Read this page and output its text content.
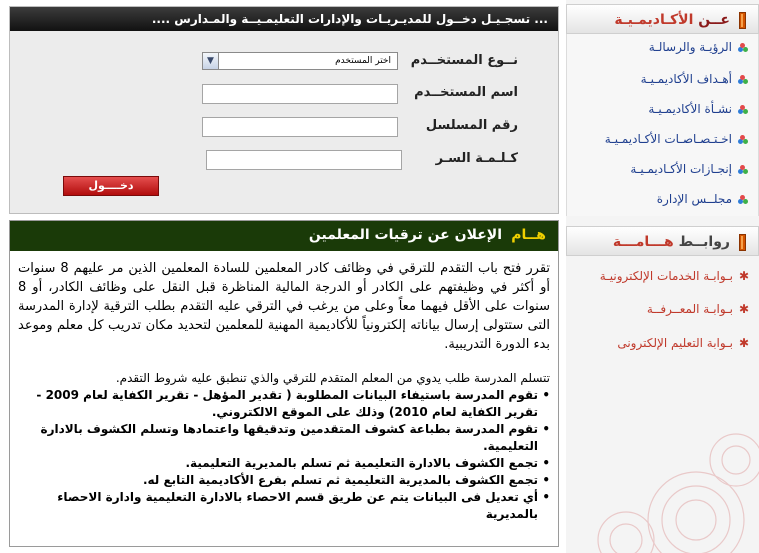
عــن الأكـاديمـيـة
الرؤيـة والرسالـة
أهـداف الأكاديمـيـة
نشـأة الأكاديمـيـة
اخـتـصـاصـات الأكـاديمـيـة
إنجـازات الأكـاديمـيـة
مجلــس الإدارة
روابــط هـــامـــة
✱بـوابـة الخدمات الإلكترونيـة
✱بـوابـة المعــرفــة
✱بـوابة التعليم الإلكترونى
... تسجـيـل دخــول للمديـريـات والإدارات التعليمـيــة والمـدارس ....
نــوع المستخــدم
اختر المستخدم
▼
اسم المستخــدم
رقم المسلسل
كـلـمـة السـر
دخــــول
هــام
الإعلان عن ترقيات المعلمين
تقرر فتح باب التقدم للترقي في وظائف كادر المعلمين للسادة المعلمين الذين مر عليهم 8 سنوات أو أكثر في وظيفتهم على الكادر أو الدرجة المالية المناظرة قبل النقل على وظائف الكادر، أو 8 سنوات على الأقل فيهما معاً وعلى من يرغب في الترقي عليه التقدم بطلب الترقية لإدارة المدرسة التى ستتولى إرسال بياناته إلكترونياً للأكاديمية المهنية للمعلمين لتحديد مكان تدريب كل معلم وموعد بدء الدورة التدريبية.
تتسلم المدرسة طلب يدوي من المعلم المتقدم للترقي والذي تنطبق عليه شروط التقدم.
• تقوم المدرسة باستيفاء البيانات المطلوبة ( تقدير المؤهل - تقرير الكفاية لعام 2009 - تقرير الكفاية لعام 2010) وذلك على الموقع الالكتروني.
• تقوم المدرسة بطباعة كشوف المتقدمين وتدقيقها واعتمادها وتسلم الكشوف بالادارة التعليمية.
• تجمع الكشوف بالادارة التعليمية ثم تسلم بالمديرية التعليمية.
• تجمع الكشوف بالمديرية التعليمية ثم تسلم بفرع الأكاديمية التابع له.
• أي تعديل فى البيانات يتم عن طريق قسم الاحصاء بالادارة التعليمية وادارة الاحصاء بالمديرية
